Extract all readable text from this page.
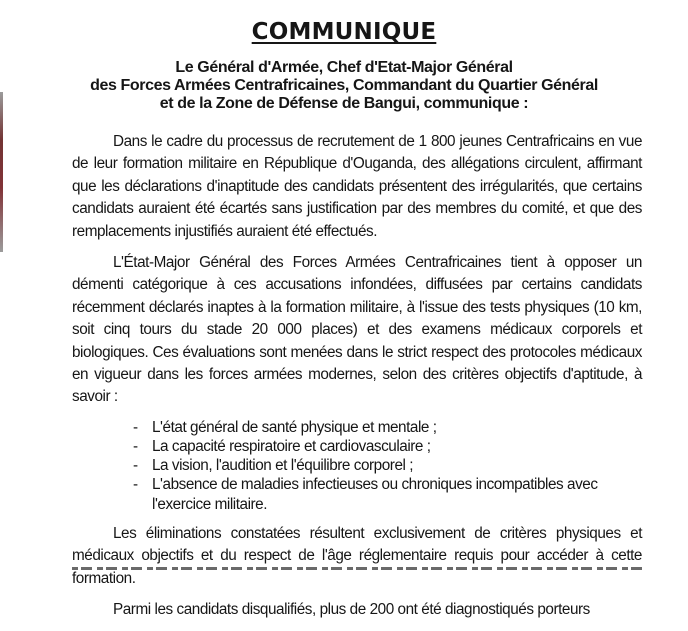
COMMUNIQUE
Le Général d'Armée, Chef d'Etat-Major Général
des Forces Armées Centrafricaines, Commandant du Quartier Général
et de la Zone de Défense de Bangui, communique :

Dans le cadre du processus de recrutement de 1 800 jeunes Centrafricains en vue de leur formation militaire en République d'Ouganda, des allégations circulent, affirmant que les déclarations d'inaptitude des candidats présentent des irrégularités, que certains candidats auraient été écartés sans justification par des membres du comité, et que des remplacements injustifiés auraient été effectués.

L'État-Major Général des Forces Armées Centrafricaines tient à opposer un démenti catégorique à ces accusations infondées, diffusées par certains candidats récemment déclarés inaptes à la formation militaire, à l'issue des tests physiques (10 km, soit cinq tours du stade 20 000 places) et des examens médicaux corporels et biologiques. Ces évaluations sont menées dans le strict respect des protocoles médicaux en vigueur dans les forces armées modernes, selon des critères objectifs d'aptitude, à savoir :

- L'état général de santé physique et mentale ;
- La capacité respiratoire et cardiovasculaire ;
- La vision, l'audition et l'équilibre corporel ;
- L'absence de maladies infectieuses ou chroniques incompatibles avec l'exercice militaire.

Les éliminations constatées résultent exclusivement de critères physiques et médicaux objectifs et du respect de l'âge réglementaire requis pour accéder à cette formation.

Parmi les candidats disqualifiés, plus de 200 ont été diagnostiqués porteurs
